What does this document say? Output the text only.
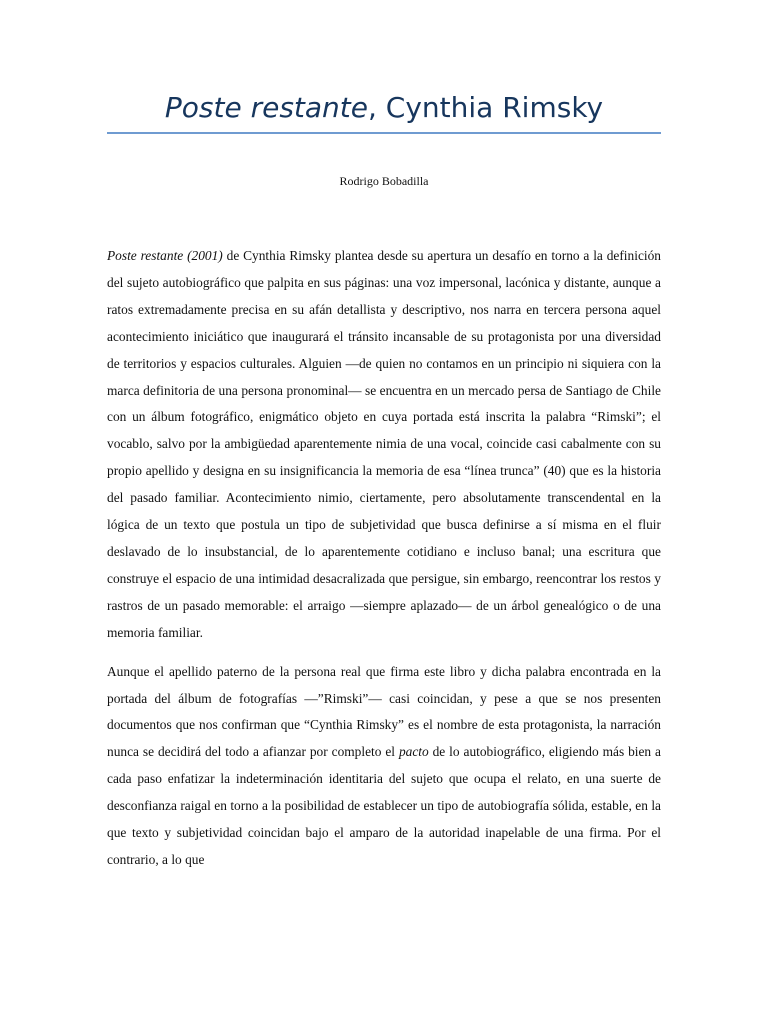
Poste restante, Cynthia Rimsky
Rodrigo Bobadilla

Poste restante (2001) de Cynthia Rimsky plantea desde su apertura un desafío en torno a la definición del sujeto autobiográfico que palpita en sus páginas: una voz impersonal, lacónica y distante, aunque a ratos extremadamente precisa en su afán detallista y descriptivo, nos narra en tercera persona aquel acontecimiento iniciático que inaugurará el tránsito incansable de su protagonista por una diversidad de territorios y espacios culturales. Alguien —de quien no contamos en un principio ni siquiera con la marca definitoria de una persona pronominal— se encuentra en un mercado persa de Santiago de Chile con un álbum fotográfico, enigmático objeto en cuya portada está inscrita la palabra “Rimski”; el vocablo, salvo por la ambigüedad aparentemente nimia de una vocal, coincide casi cabalmente con su propio apellido y designa en su insignificancia la memoria de esa “línea trunca” (40) que es la historia del pasado familiar. Acontecimiento nimio, ciertamente, pero absolutamente transcendental en la lógica de un texto que postula un tipo de subjetividad que busca definirse a sí misma en el fluir deslavado de lo insubstancial, de lo aparentemente cotidiano e incluso banal; una escritura que construye el espacio de una intimidad desacralizada que persigue, sin embargo, reencontrar los restos y rastros de un pasado memorable: el arraigo —siempre aplazado— de un árbol genealógico o de una memoria familiar.

Aunque el apellido paterno de la persona real que firma este libro y dicha palabra encontrada en la portada del álbum de fotografías —”Rimski”— casi coincidan, y pese a que se nos presenten documentos que nos confirman que “Cynthia Rimsky” es el nombre de esta protagonista, la narración nunca se decidirá del todo a afianzar por completo el pacto de lo autobiográfico, eligiendo más bien a cada paso enfatizar la indeterminación identitaria del sujeto que ocupa el relato, en una suerte de desconfianza raigal en torno a la posibilidad de establecer un tipo de autobiografía sólida, estable, en la que texto y subjetividad coincidan bajo el amparo de la autoridad inapelable de una firma. Por el contrario, a lo que
